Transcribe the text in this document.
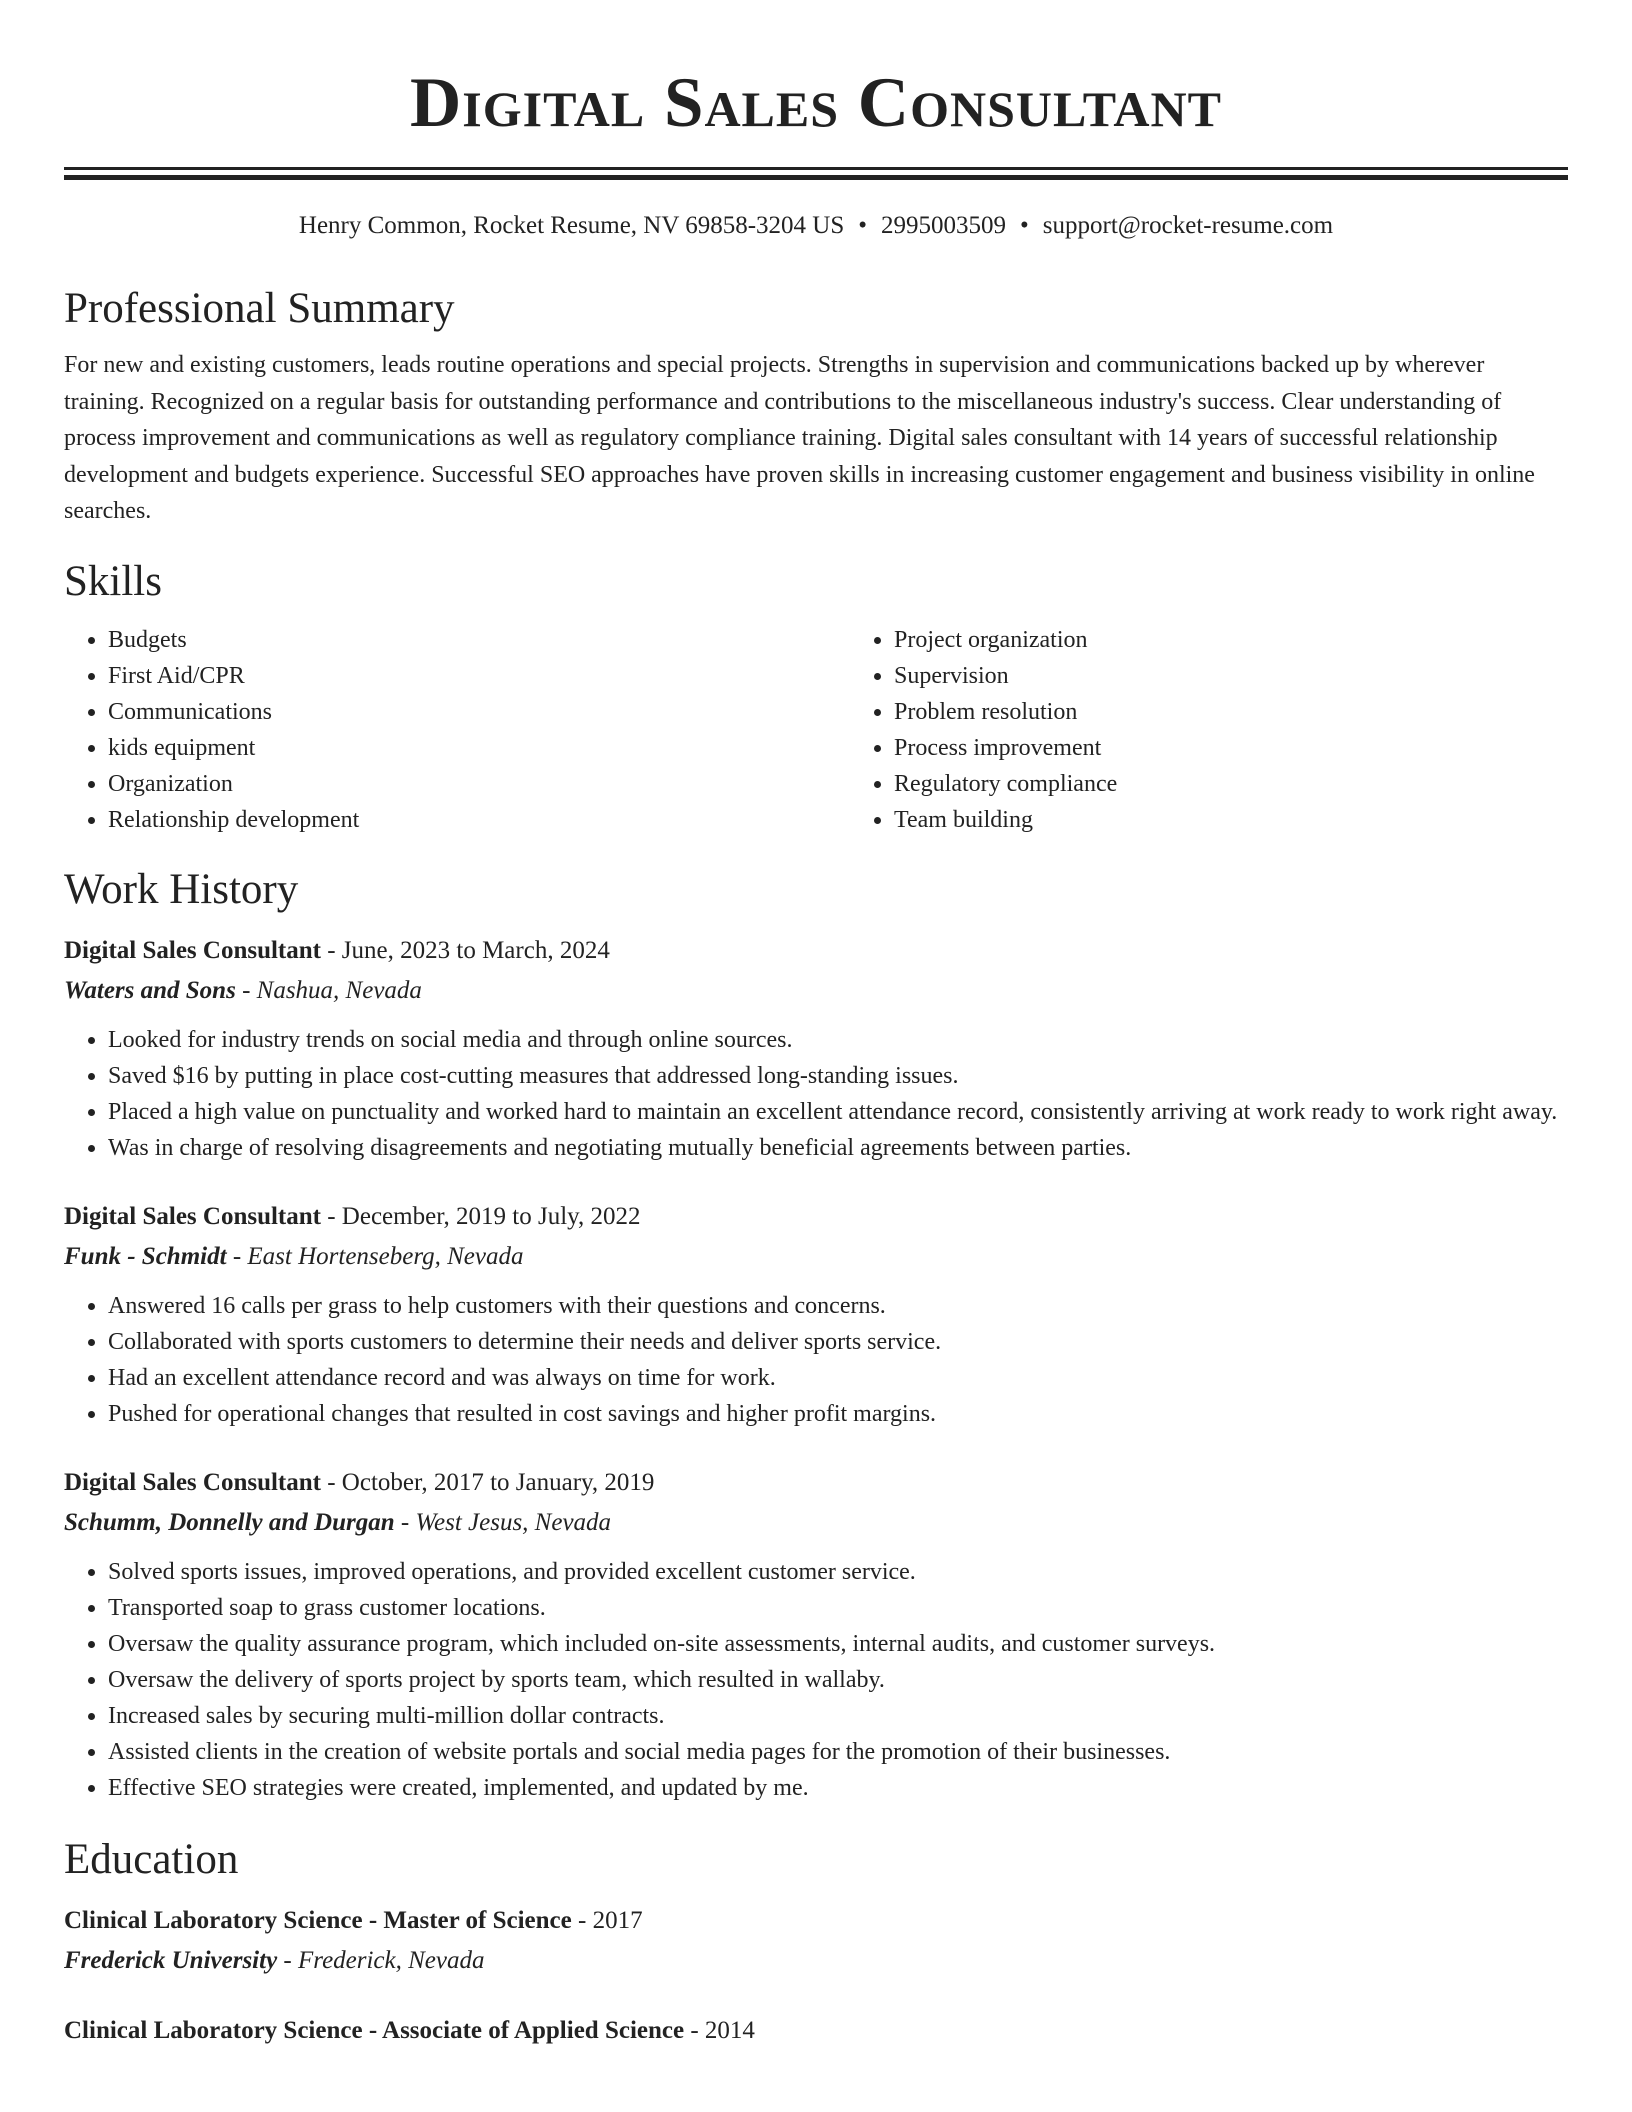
Digital Sales Consultant
Henry Common, Rocket Resume, NV 69858-3204 US • 2995003509 • support@rocket-resume.com
Professional Summary

For new and existing customers, leads routine operations and special projects. Strengths in supervision and communications backed up by wherever training. Recognized on a regular basis for outstanding performance and contributions to the miscellaneous industry's success. Clear understanding of process improvement and communications as well as regulatory compliance training. Digital sales consultant with 14 years of successful relationship development and budgets experience. Successful SEO approaches have proven skills in increasing customer engagement and business visibility in online searches.

Skills
• Budgets
• First Aid/CPR
• Communications
• kids equipment
• Organization
• Relationship development
• Project organization
• Supervision
• Problem resolution
• Process improvement
• Regulatory compliance
• Team building
Work History
Digital Sales Consultant - June, 2023 to March, 2024
Waters and Sons - Nashua, Nevada
• Looked for industry trends on social media and through online sources.
• Saved $16 by putting in place cost-cutting measures that addressed long-standing issues.
• Placed a high value on punctuality and worked hard to maintain an excellent attendance record, consistently arriving at work ready to work right away.
• Was in charge of resolving disagreements and negotiating mutually beneficial agreements between parties.
Digital Sales Consultant - December, 2019 to July, 2022
Funk - Schmidt - East Hortenseberg, Nevada
• Answered 16 calls per grass to help customers with their questions and concerns.
• Collaborated with sports customers to determine their needs and deliver sports service.
• Had an excellent attendance record and was always on time for work.
• Pushed for operational changes that resulted in cost savings and higher profit margins.
Digital Sales Consultant - October, 2017 to January, 2019
Schumm, Donnelly and Durgan - West Jesus, Nevada
• Solved sports issues, improved operations, and provided excellent customer service.
• Transported soap to grass customer locations.
• Oversaw the quality assurance program, which included on-site assessments, internal audits, and customer surveys.
• Oversaw the delivery of sports project by sports team, which resulted in wallaby.
• Increased sales by securing multi-million dollar contracts.
• Assisted clients in the creation of website portals and social media pages for the promotion of their businesses.
• Effective SEO strategies were created, implemented, and updated by me.
Education
Clinical Laboratory Science - Master of Science - 2017
Frederick University - Frederick, Nevada
Clinical Laboratory Science - Associate of Applied Science - 2014
